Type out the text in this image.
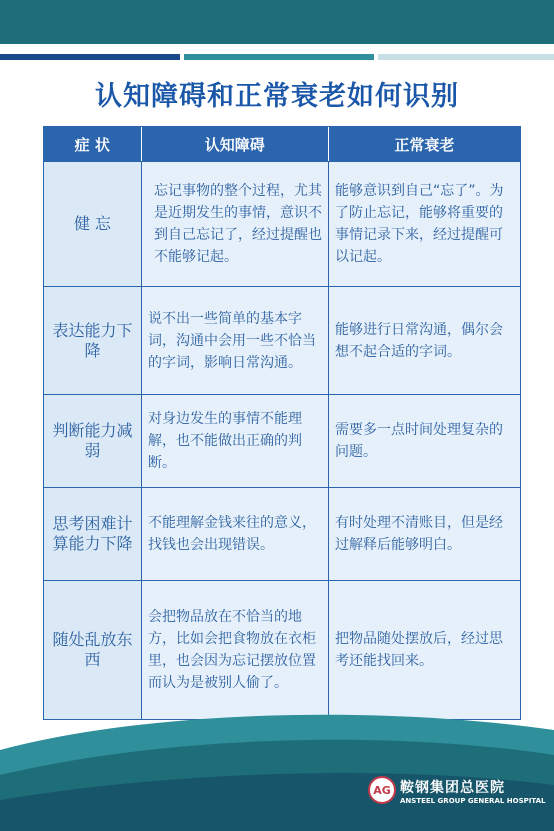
认知障碍和正常衰老如何识别
症 状	认知障碍	正常衰老
健 忘
忘记事物的整个过程，尤其是近期发生的事情，意识不到自己忘记了，经过提醒也不能够记起。
能够意识到自己“忘了”。为了防止忘记，能够将重要的事情记录下来，经过提醒可以记起。
表达能力下降
说不出一些简单的基本字词，沟通中会用一些不恰当的字词，影响日常沟通。
能够进行日常沟通，偶尔会想不起合适的字词。
判断能力减弱
对身边发生的事情不能理解，也不能做出正确的判断。
需要多一点时间处理复杂的问题。
思考困难计算能力下降
不能理解金钱来往的意义，找钱也会出现错误。
有时处理不清账目，但是经过解释后能够明白。
随处乱放东西
会把物品放在不恰当的地方，比如会把食物放在衣柜里，也会因为忘记摆放位置而认为是被别人偷了。
把物品随处摆放后，经过思考还能找回来。
AG 鞍钢集团总医院
ANSTEEL GROUP GENERAL HOSPITAL
